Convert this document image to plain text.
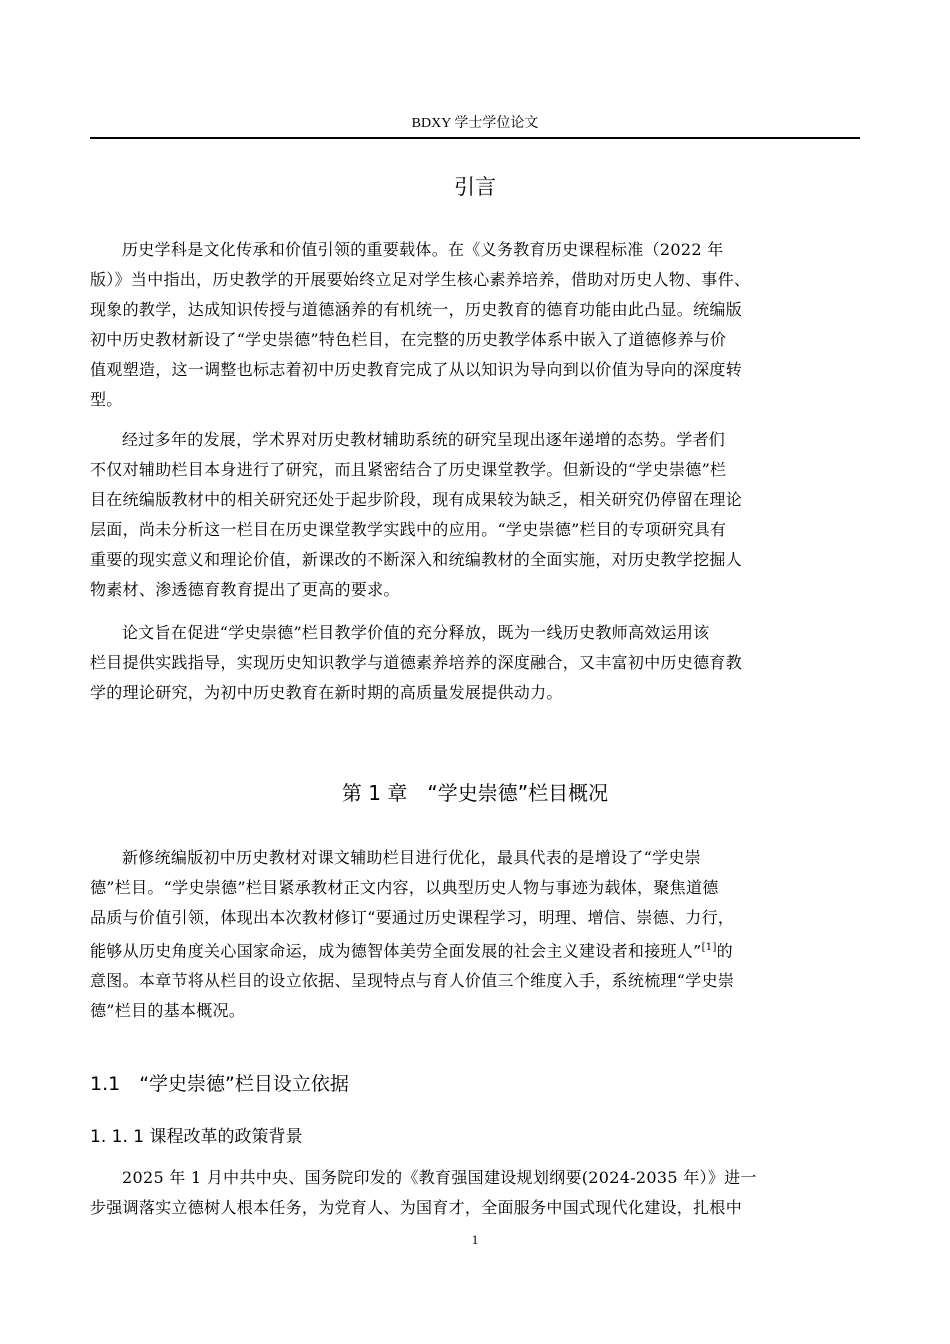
BDXY 学士学位论文
引言
历史学科是文化传承和价值引领的重要载体。在《义务教育历史课程标准（2022 年
版）》当中指出，历史教学的开展要始终立足对学生核心素养培养，借助对历史人物、事件、
现象的教学，达成知识传授与道德涵养的有机统一，历史教育的德育功能由此凸显。统编版
初中历史教材新设了“学史崇德”特色栏目，在完整的历史教学体系中嵌入了道德修养与价
值观塑造，这一调整也标志着初中历史教育完成了从以知识为导向到以价值为导向的深度转
型。
经过多年的发展，学术界对历史教材辅助系统的研究呈现出逐年递增的态势。学者们
不仅对辅助栏目本身进行了研究，而且紧密结合了历史课堂教学。但新设的“学史崇德”栏
目在统编版教材中的相关研究还处于起步阶段，现有成果较为缺乏，相关研究仍停留在理论
层面，尚未分析这一栏目在历史课堂教学实践中的应用。“学史崇德”栏目的专项研究具有
重要的现实意义和理论价值，新课改的不断深入和统编教材的全面实施，对历史教学挖掘人
物素材、渗透德育教育提出了更高的要求。
论文旨在促进“学史崇德”栏目教学价值的充分释放，既为一线历史教师高效运用该
栏目提供实践指导，实现历史知识教学与道德素养培养的深度融合，又丰富初中历史德育教
学的理论研究，为初中历史教育在新时期的高质量发展提供动力。
第 1 章　“学史崇德”栏目概况
新修统编版初中历史教材对课文辅助栏目进行优化，最具代表的是增设了“学史崇
德”栏目。“学史崇德”栏目紧承教材正文内容，以典型历史人物与事迹为载体，聚焦道德
品质与价值引领，体现出本次教材修订“要通过历史课程学习，明理、增信、崇德、力行，
能够从历史角度关心国家命运，成为德智体美劳全面发展的社会主义建设者和接班人”[1]的
意图。本章节将从栏目的设立依据、呈现特点与育人价值三个维度入手，系统梳理“学史崇
德”栏目的基本概况。
1.1　“学史崇德”栏目设立依据
1. 1. 1 课程改革的政策背景
2025 年 1 月中共中央、国务院印发的《教育强国建设规划纲要(2024-2035 年）》进一
步强调落实立德树人根本任务，为党育人、为国育才，全面服务中国式现代化建设，扎根中
1
